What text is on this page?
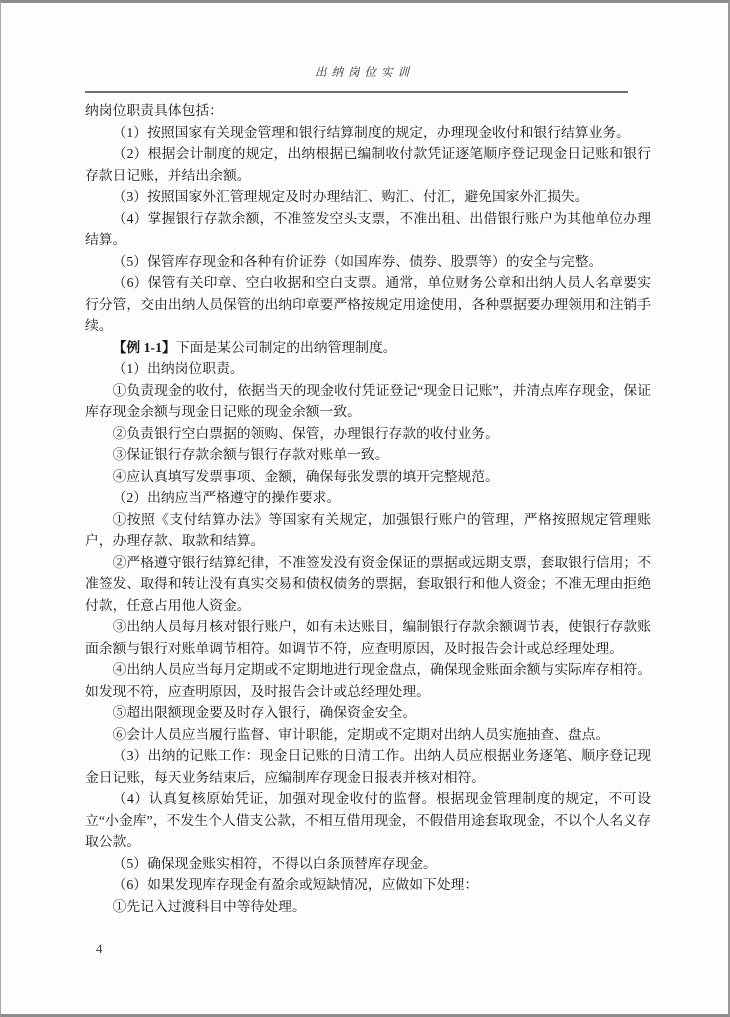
出纳岗位实训

纳岗位职责具体包括：

（1）按照国家有关现金管理和银行结算制度的规定，办理现金收付和银行结算业务。

（2）根据会计制度的规定，出纳根据已编制收付款凭证逐笔顺序登记现金日记账和银行存款日记账，并结出余额。

（3）按照国家外汇管理规定及时办理结汇、购汇、付汇，避免国家外汇损失。

（4）掌握银行存款余额，不准签发空头支票，不准出租、出借银行账户为其他单位办理结算。

（5）保管库存现金和各种有价证券（如国库券、债券、股票等）的安全与完整。

（6）保管有关印章、空白收据和空白支票。通常，单位财务公章和出纳人员人名章要实行分管，交由出纳人员保管的出纳印章要严格按规定用途使用，各种票据要办理领用和注销手续。

【例 1-1】下面是某公司制定的出纳管理制度。

（1）出纳岗位职责。

①负责现金的收付，依据当天的现金收付凭证登记“现金日记账”，并清点库存现金，保证库存现金余额与现金日记账的现金余额一致。

②负责银行空白票据的领购、保管，办理银行存款的收付业务。

③保证银行存款余额与银行存款对账单一致。

④应认真填写发票事项、金额，确保每张发票的填开完整规范。

（2）出纳应当严格遵守的操作要求。

①按照《支付结算办法》等国家有关规定，加强银行账户的管理，严格按照规定管理账户，办理存款、取款和结算。

②严格遵守银行结算纪律，不准签发没有资金保证的票据或远期支票，套取银行信用；不准签发、取得和转让没有真实交易和债权债务的票据，套取银行和他人资金；不准无理由拒绝付款，任意占用他人资金。

③出纳人员每月核对银行账户，如有未达账目，编制银行存款余额调节表，使银行存款账面余额与银行对账单调节相符。如调节不符，应查明原因，及时报告会计或总经理处理。

④出纳人员应当每月定期或不定期地进行现金盘点，确保现金账面余额与实际库存相符。如发现不符，应查明原因，及时报告会计或总经理处理。

⑤超出限额现金要及时存入银行，确保资金安全。

⑥会计人员应当履行监督、审计职能，定期或不定期对出纳人员实施抽查、盘点。

（3）出纳的记账工作：现金日记账的日清工作。出纳人员应根据业务逐笔、顺序登记现金日记账，每天业务结束后，应编制库存现金日报表并核对相符。

（4）认真复核原始凭证，加强对现金收付的监督。根据现金管理制度的规定，不可设立“小金库”，不发生个人借支公款，不相互借用现金，不假借用途套取现金，不以个人名义存取公款。

（5）确保现金账实相符，不得以白条顶替库存现金。

（6）如果发现库存现金有盈余或短缺情况，应做如下处理：

①先记入过渡科目中等待处理。

4
